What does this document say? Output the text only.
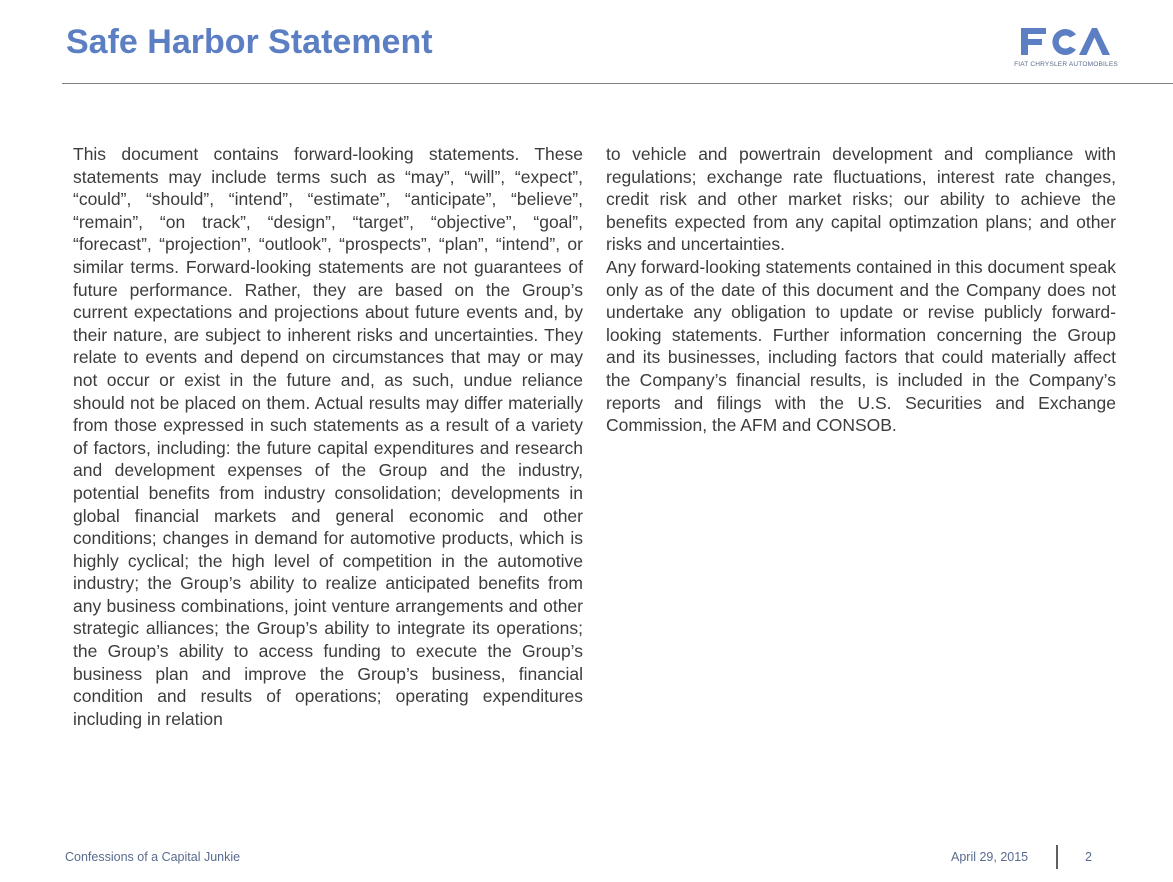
Safe Harbor Statement
FIAT CHRYSLER AUTOMOBILES

This document contains forward-looking statements. These statements may include terms such as “may”, “will”, “expect”, “could”, “should”, “intend”, “estimate”, “anticipate”, “believe”, “remain”, “on track”, “design”, “target”, “objective”, “goal”, “forecast”, “projection”, “outlook”, “prospects”, “plan”, “intend”, or similar terms. Forward-looking statements are not guarantees of future performance. Rather, they are based on the Group’s current expectations and projections about future events and, by their nature, are subject to inherent risks and uncertainties. They relate to events and depend on circumstances that may or may not occur or exist in the future and, as such, undue reliance should not be placed on them. Actual results may differ materially from those expressed in such statements as a result of a variety of factors, including: the future capital expenditures and research and development expenses of the Group and the industry, potential benefits from industry consolidation; developments in global financial markets and general economic and other conditions; changes in demand for automotive products, which is highly cyclical; the high level of competition in the automotive industry; the Group’s ability to realize anticipated benefits from any business combinations, joint venture arrangements and other strategic alliances; the Group’s ability to integrate its operations; the Group’s ability to access funding to execute the Group’s business plan and improve the Group’s business, financial condition and results of operations; operating expenditures including in relation

to vehicle and powertrain development and compliance with regulations; exchange rate fluctuations, interest rate changes, credit risk and other market risks; our ability to achieve the benefits expected from any capital optimzation plans; and other risks and uncertainties.

Any forward-looking statements contained in this document speak only as of the date of this document and the Company does not undertake any obligation to update or revise publicly forward-looking statements. Further information concerning the Group and its businesses, including factors that could materially affect the Company’s financial results, is included in the Company’s reports and filings with the U.S. Securities and Exchange Commission, the AFM and CONSOB.

Confessions of a Capital Junkie	April 29, 2015	2
